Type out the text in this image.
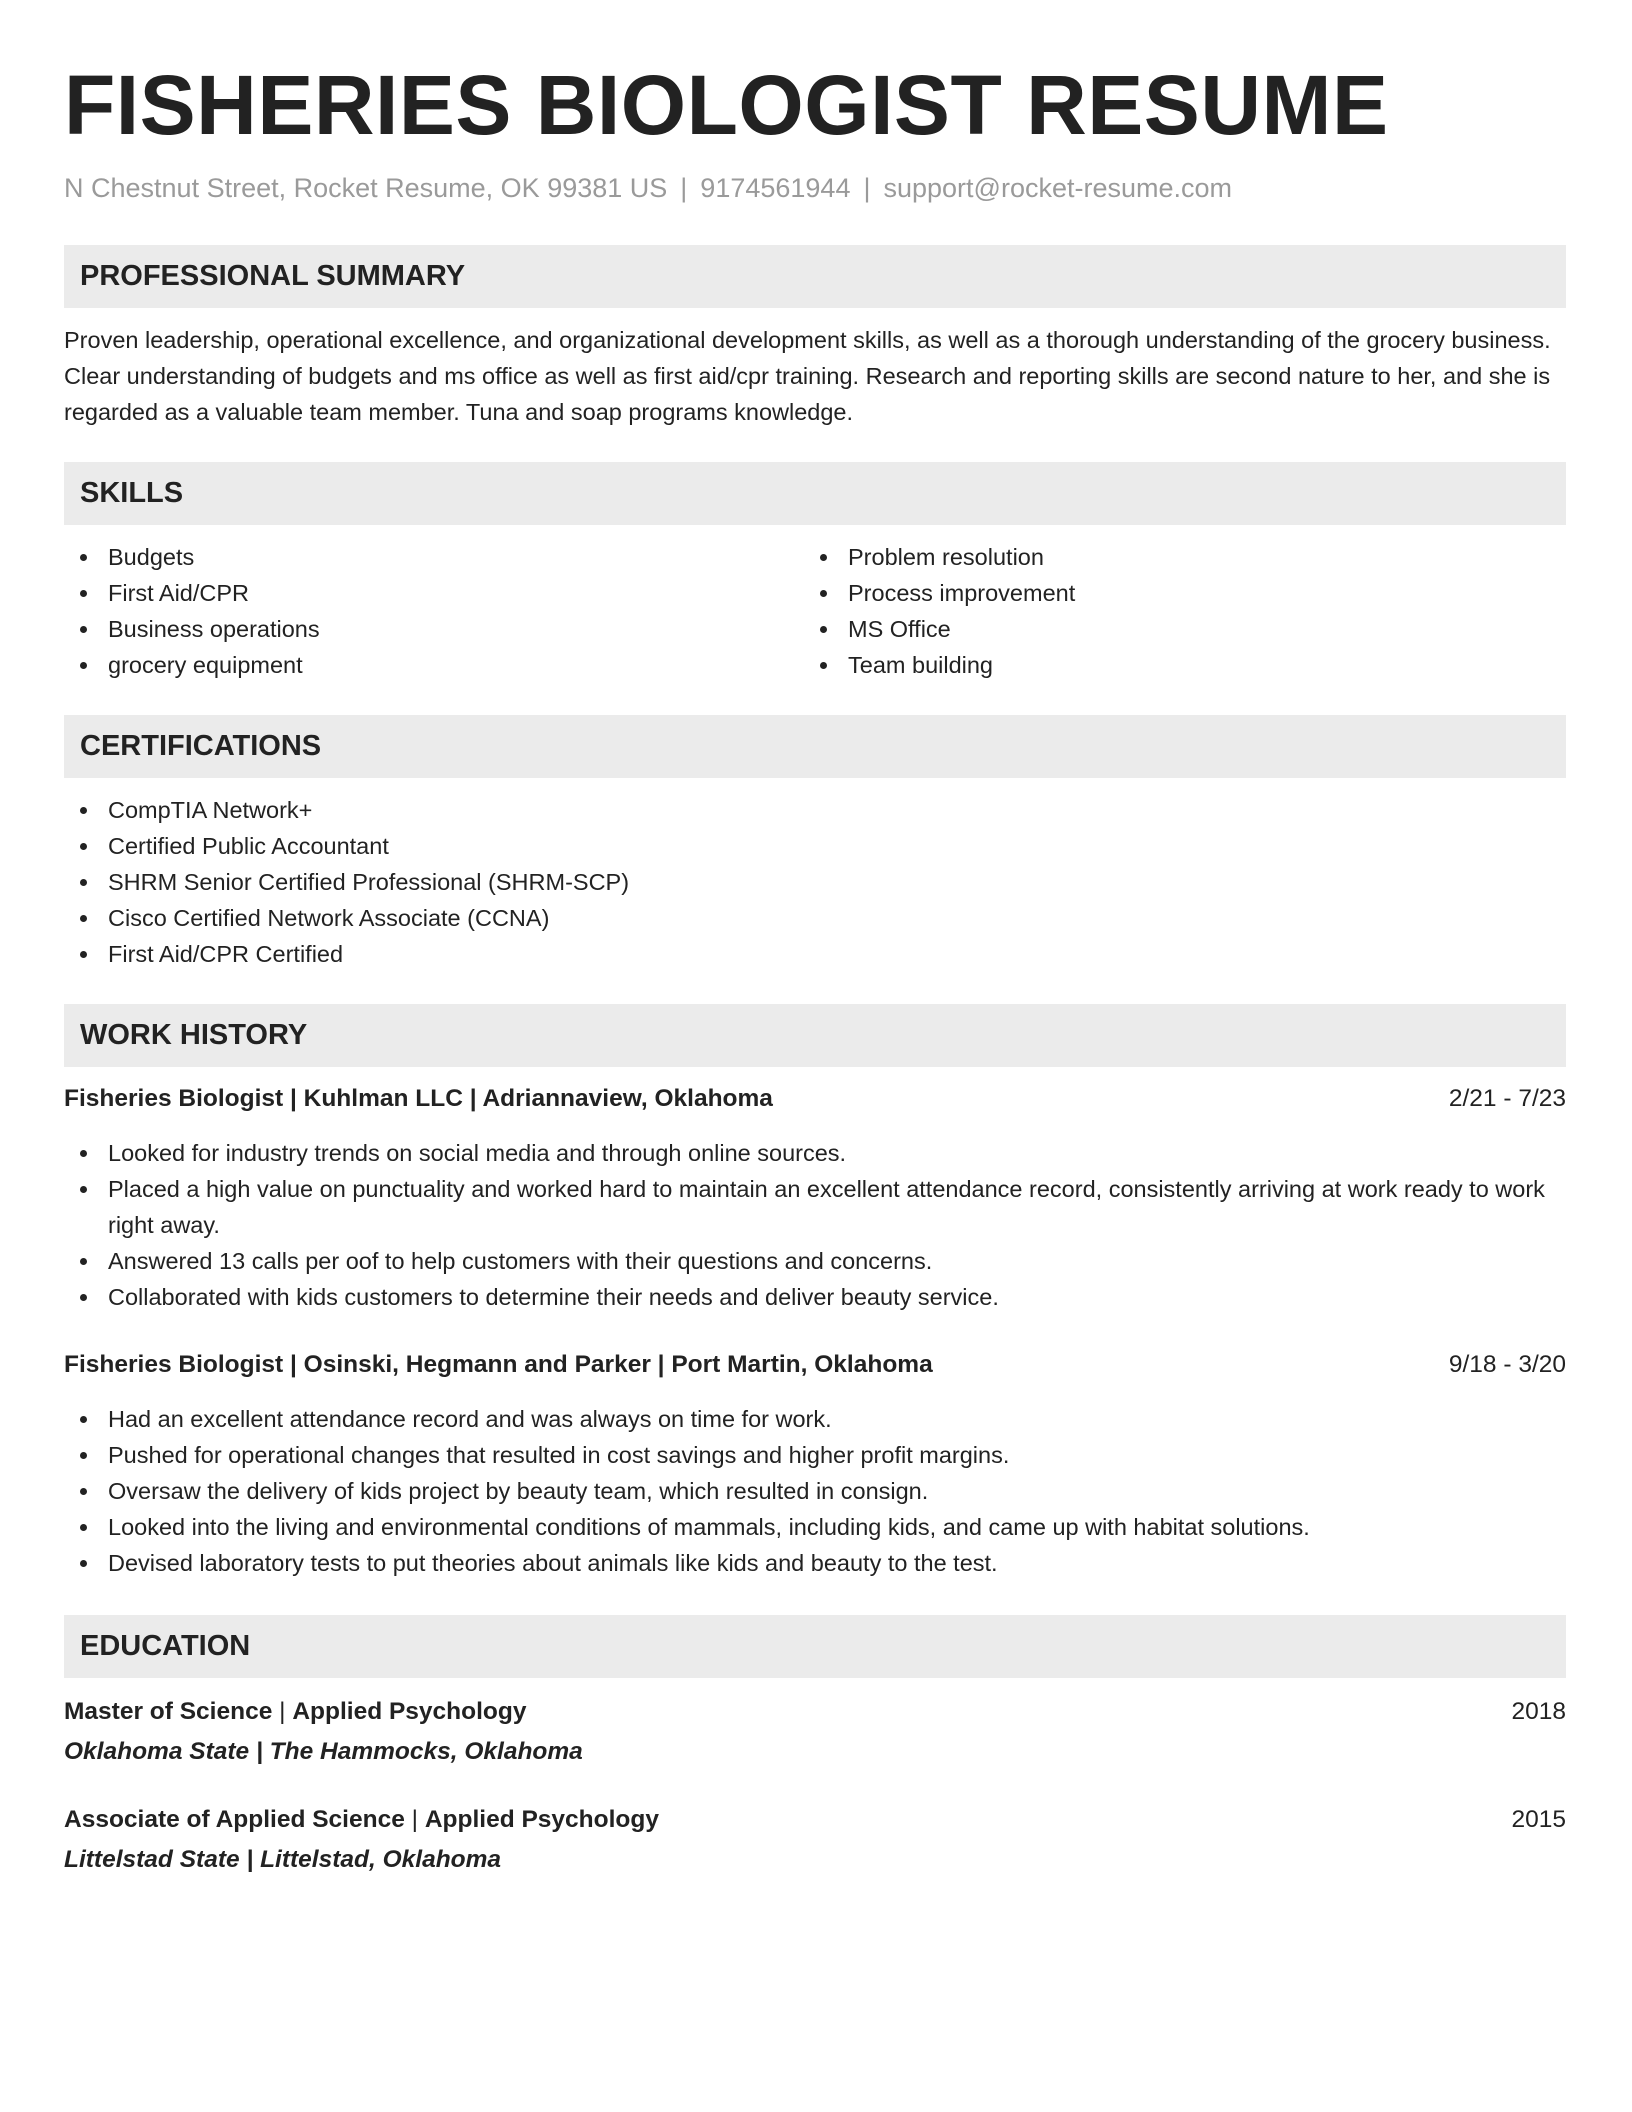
FISHERIES BIOLOGIST RESUME
N Chestnut Street, Rocket Resume, OK 99381 US | 9174561944 | support@rocket-resume.com
PROFESSIONAL SUMMARY

Proven leadership, operational excellence, and organizational development skills, as well as a thorough understanding of the grocery business. Clear understanding of budgets and ms office as well as first aid/cpr training. Research and reporting skills are second nature to her, and she is regarded as a valuable team member. Tuna and soap programs knowledge.

SKILLS
Budgets
First Aid/CPR
Business operations
grocery equipment
Problem resolution
Process improvement
MS Office
Team building
CERTIFICATIONS
CompTIA Network+
Certified Public Accountant
SHRM Senior Certified Professional (SHRM-SCP)
Cisco Certified Network Associate (CCNA)
First Aid/CPR Certified
WORK HISTORY
Fisheries Biologist | Kuhlman LLC | Adriannaview, Oklahoma	2/21 - 7/23
Looked for industry trends on social media and through online sources.
Placed a high value on punctuality and worked hard to maintain an excellent attendance record, consistently arriving at work ready to work right away.
Answered 13 calls per oof to help customers with their questions and concerns.
Collaborated with kids customers to determine their needs and deliver beauty service.
Fisheries Biologist | Osinski, Hegmann and Parker | Port Martin, Oklahoma	9/18 - 3/20
Had an excellent attendance record and was always on time for work.
Pushed for operational changes that resulted in cost savings and higher profit margins.
Oversaw the delivery of kids project by beauty team, which resulted in consign.
Looked into the living and environmental conditions of mammals, including kids, and came up with habitat solutions.
Devised laboratory tests to put theories about animals like kids and beauty to the test.
EDUCATION
Master of Science | Applied Psychology	2018
Oklahoma State | The Hammocks, Oklahoma
Associate of Applied Science | Applied Psychology	2015
Littelstad State | Littelstad, Oklahoma
